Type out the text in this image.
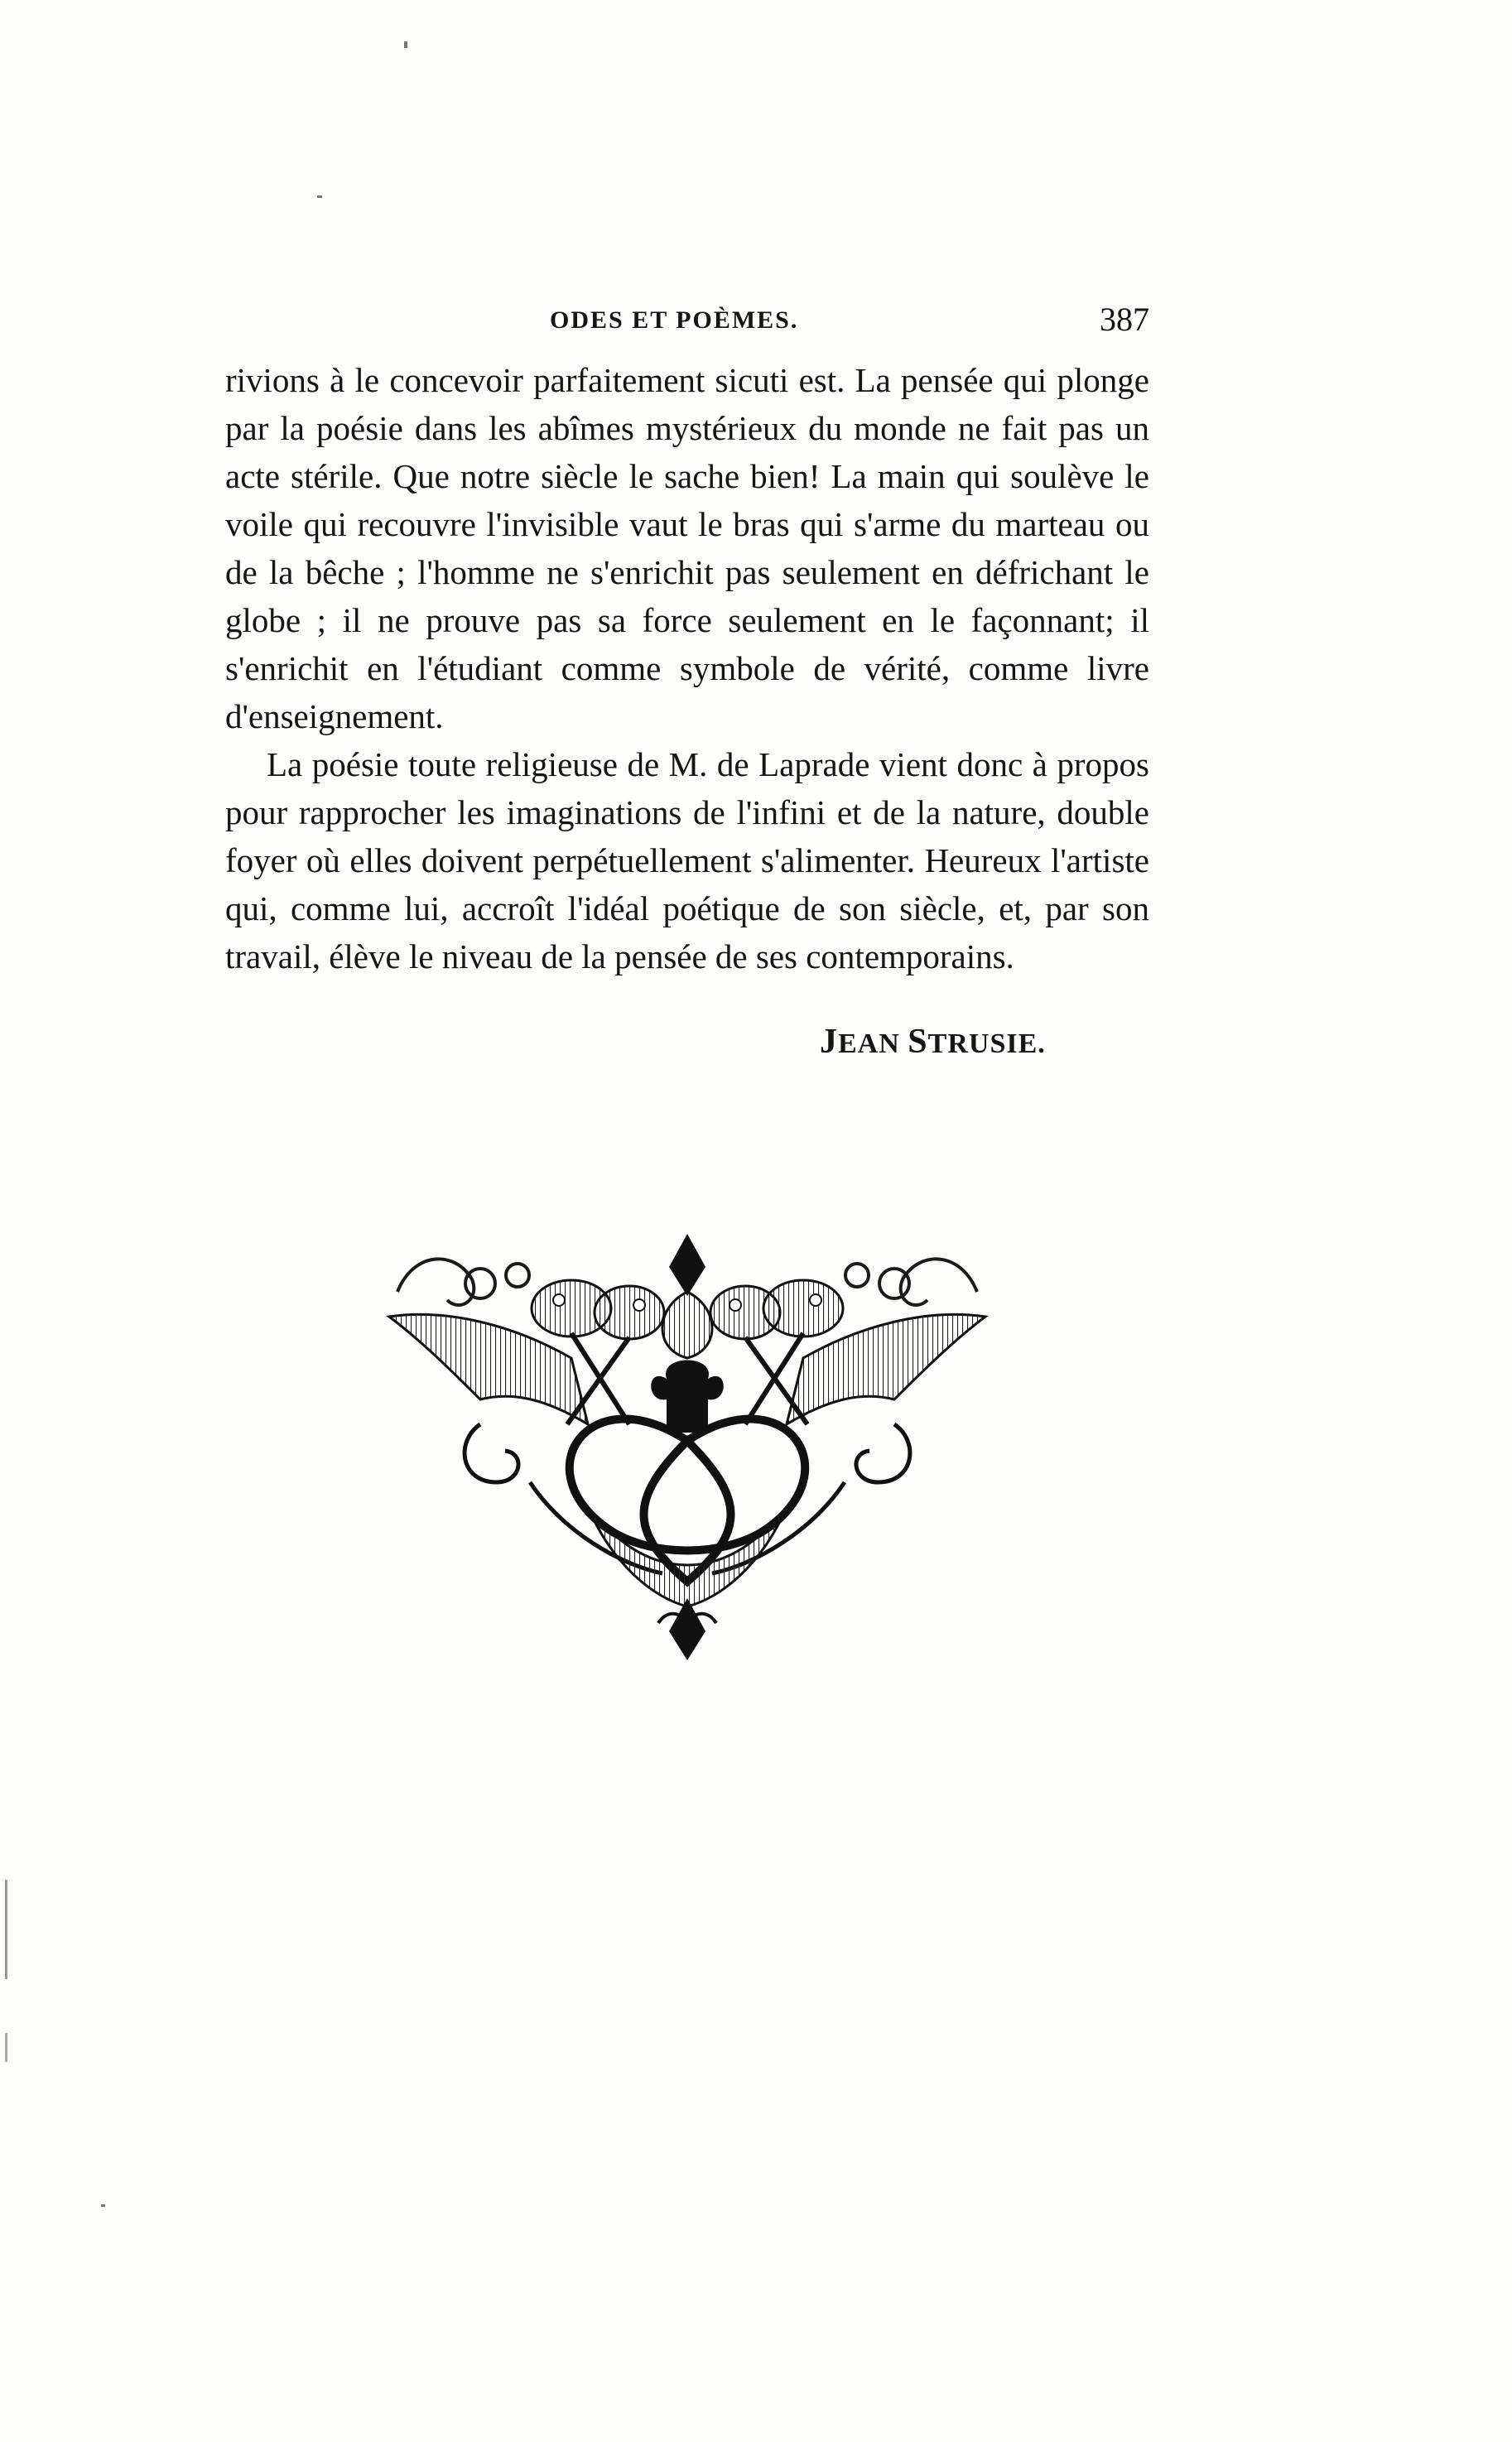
ODES ET POÈMES.	387

rivions à le concevoir parfaitement sicuti est. La pensée qui plonge par la poésie dans les abîmes mystérieux du monde ne fait pas un acte stérile. Que notre siècle le sache bien! La main qui soulève le voile qui recouvre l'invisible vaut le bras qui s'arme du marteau ou de la bêche ; l'homme ne s'enrichit pas seulement en défrichant le globe ; il ne prouve pas sa force seulement en le façonnant; il s'enrichit en l'étudiant comme symbole de vérité, comme livre d'enseignement.

La poésie toute religieuse de M. de Laprade vient donc à propos pour rapprocher les imaginations de l'infini et de la nature, double foyer où elles doivent perpétuellement s'alimenter. Heureux l'artiste qui, comme lui, accroît l'idéal poétique de son siècle, et, par son travail, élève le niveau de la pensée de ses contemporains.

JEAN STRUSIE.
